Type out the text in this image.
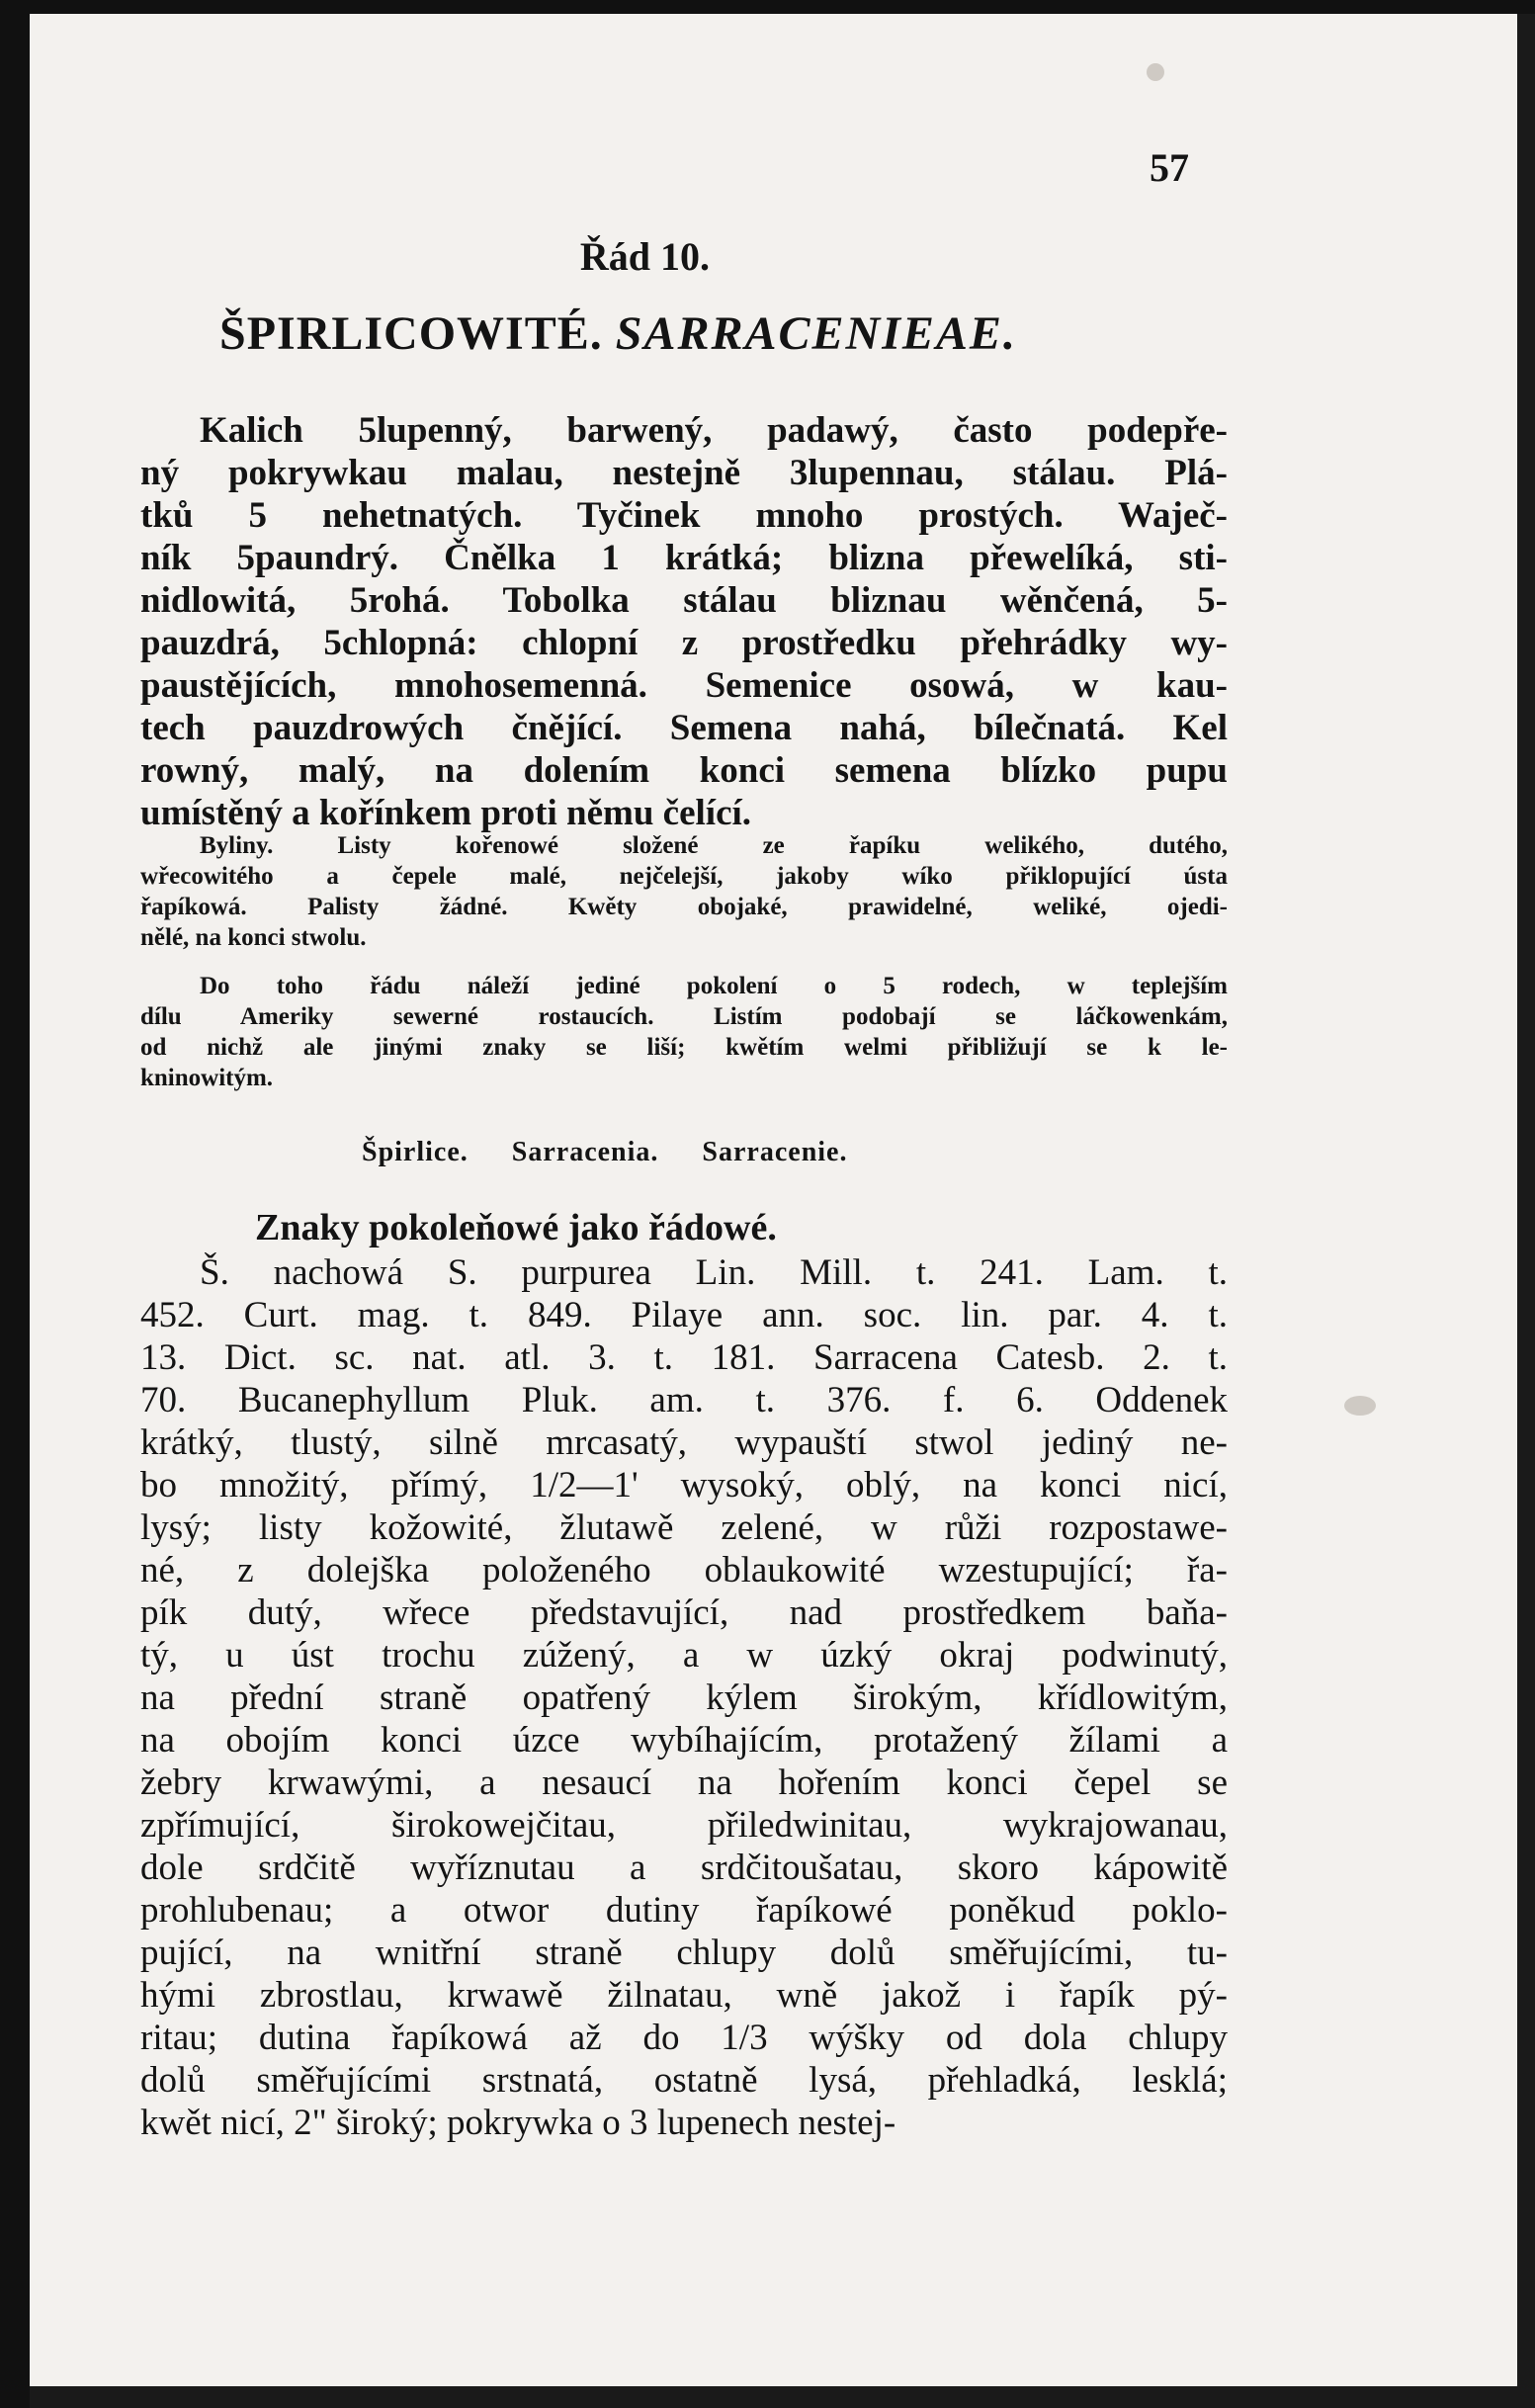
57
Řád 10.
ŠPIRLICOWITÉ. SARRACENIEAE.
Kalich 5lupenný, barwený, padawý, často podepře-
ný pokrywkau malau, nestejně 3lupennau, stálau. Plá-
tků 5 nehetnatých. Tyčinek mnoho prostých. Waječ-
ník 5paundrý. Čnělka 1 krátká; blizna přewelíká, sti-
nidlowitá, 5rohá. Tobolka stálau bliznau wěnčená, 5-
pauzdrá, 5chlopná: chlopní z prostředku přehrádky wy-
paustějících, mnohosemenná. Semenice osowá, w kau-
tech pauzdrowých čnějící. Semena nahá, bílečnatá. Kel
rowný, malý, na dolením konci semena blízko pupu
umístěný a kořínkem proti němu čelící.
Byliny. Listy kořenowé složené ze řapíku welikého, dutého,
wřecowitého a čepele malé, nejčelejší, jakoby wíko přiklopující ústa
řapíkowá. Palisty žádné. Kwěty obojaké, prawidelné, weliké, ojedi-
nělé, na konci stwolu.
Do toho řádu náleží jediné pokolení o 5 rodech, w teplejším
dílu Ameriky sewerné rostaucích. Listím podobají se láčkowenkám,
od nichž ale jinými znaky se liší; kwětím welmi přibližují se k le-
kninowitým.
Špirlice. Sarracenia. Sarracenie.
Znaky pokoleňowé jako řádowé.
Š. nachowá S. purpurea Lin. Mill. t. 241. Lam. t.
452. Curt. mag. t. 849. Pilaye ann. soc. lin. par. 4. t.
13. Dict. sc. nat. atl. 3. t. 181. Sarracena Catesb. 2. t.
70. Bucanephyllum Pluk. am. t. 376. f. 6. Oddenek
krátký, tlustý, silně mrcasatý, wypauští stwol jediný ne-
bo množitý, přímý, 1/2—1' wysoký, oblý, na konci nicí,
lysý; listy kožowité, žlutawě zelené, w růži rozpostawe-
né, z dolejška položeného oblaukowité wzestupující; řa-
pík dutý, wřece představující, nad prostředkem baňa-
tý, u úst trochu zúžený, a w úzký okraj podwinutý,
na přední straně opatřený kýlem širokým, křídlowitým,
na obojím konci úzce wybíhajícím, protažený žílami a
žebry krwawými, a nesaucí na hořením konci čepel se
zpřímující, širokowejčitau, přiledwinitau, wykrajowanau,
dole srdčitě wyříznutau a srdčitoušatau, skoro kápowitě
prohlubenau; a otwor dutiny řapíkowé poněkud poklo-
pující, na wnitřní straně chlupy dolů směřujícími, tu-
hými zbrostlau, krwawě žilnatau, wně jakož i řapík pý-
ritau; dutina řapíkowá až do 1/3 wýšky od dola chlupy
dolů směřujícími srstnatá, ostatně lysá, přehladká, lesklá;
kwět nicí, 2" široký; pokrywka o 3 lupenech nestej-
